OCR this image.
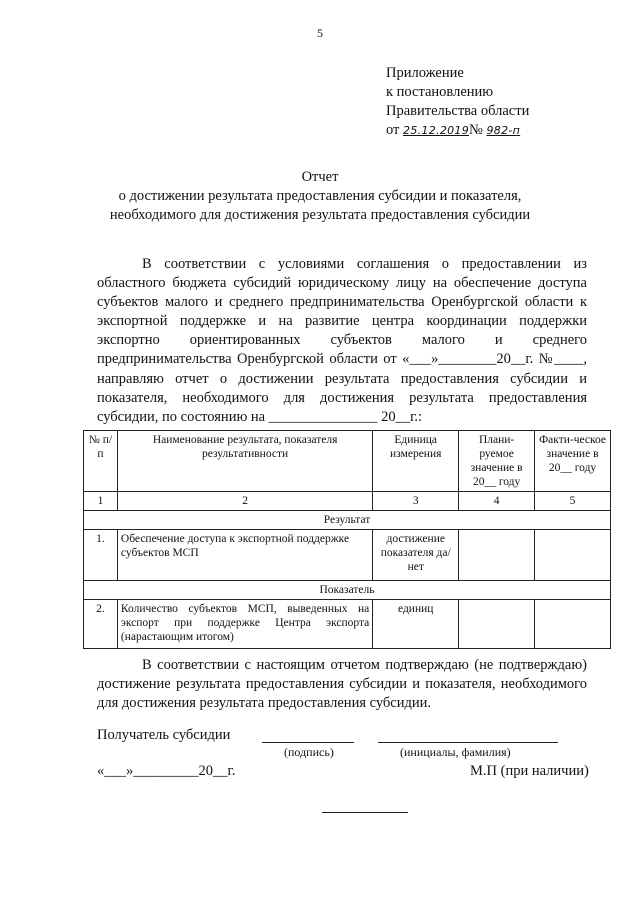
5
Приложение
к постановлению
Правительства области
от 25.12.2019№ 982-п
Отчет
о достижении результата предоставления субсидии и показателя,
необходимого для достижения результата предоставления субсидии

В соответствии с условиями соглашения о предоставлении из областного бюджета субсидий юридическому лицу на обеспечение доступа субъектов малого и среднего предпринимательства Оренбургской области к экспортной поддержке и на развитие центра координации поддержки экспортно ориентированных субъектов малого и среднего предпринимательства Оренбургской области от «___»________20__г. №____, направляю отчет о достижении результата предоставления субсидии и показателя, необходимого для достижения результата предоставления субсидии, по состоянию на _______________ 20__г.:

№ п/п	Наименование результата, показателя результативности	Единица измерения	Плани-руемое значение в 20__ году	Факти-ческое значение в 20__ году
1	2	3	4	5
Результат				
1.	Обеспечение доступа к экспортной поддержке субъектов МСП	достижение показателя да/нет		
Показатель				
2.	Количество субъектов МСП, выведенных на экспорт при поддержке Центра экспорта (нарастающим итогом)	единиц		

В соответствии с настоящим отчетом подтверждаю (не подтверждаю) достижение результата предоставления субсидии и показателя, необходимого для достижения результата предоставления субсидии.

Получатель субсидии
(подпись)	(инициалы, фамилия)
«___»_________20__г.	М.П (при наличии)
